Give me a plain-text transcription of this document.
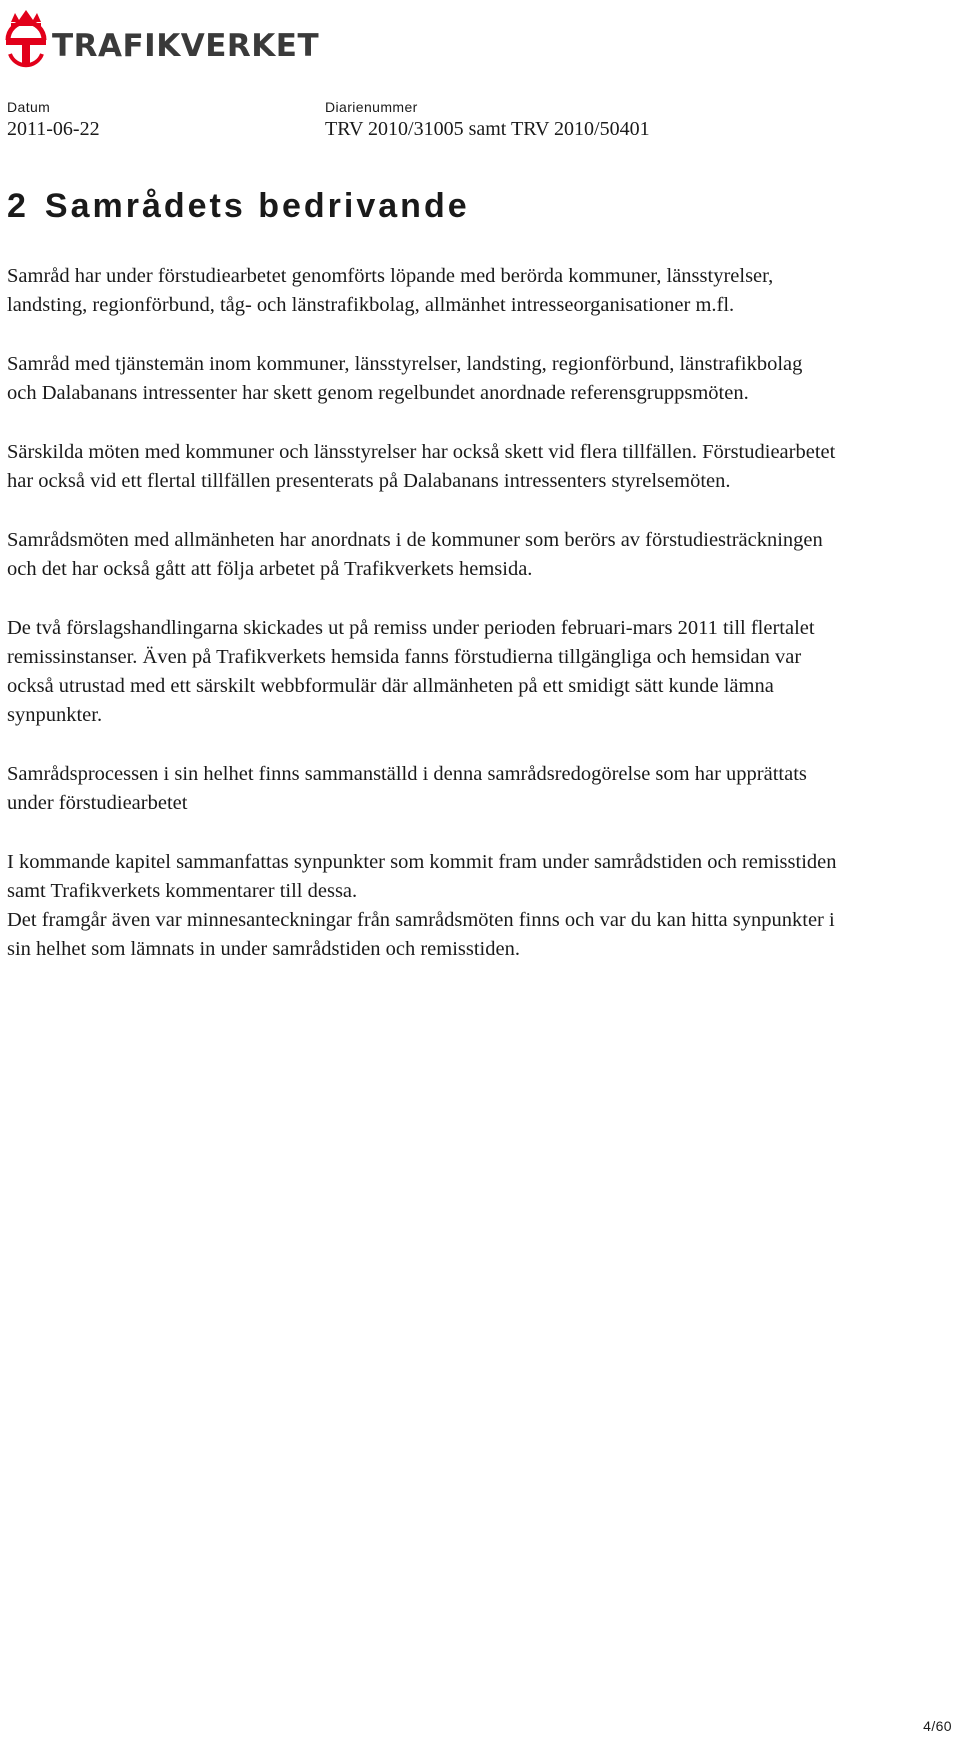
TRAFIKVERKET
Datum
2011-06-22
Diarienummer
TRV 2010/31005 samt TRV 2010/50401
2 Samrådets bedrivande

Samråd har under förstudiearbetet genomförts löpande med berörda kommuner, länsstyrelser, landsting, regionförbund, tåg- och länstrafikbolag, allmänhet intresseorganisationer m.fl.

Samråd med tjänstemän inom kommuner, länsstyrelser, landsting, regionförbund, länstrafikbolag och Dalabanans intressenter har skett genom regelbundet anordnade referensgruppsmöten.

Särskilda möten med kommuner och länsstyrelser har också skett vid flera tillfällen. Förstudiearbetet har också vid ett flertal tillfällen presenterats på Dalabanans intressenters styrelsemöten.

Samrådsmöten med allmänheten har anordnats i de kommuner som berörs av förstudiesträckningen och det har också gått att följa arbetet på Trafikverkets hemsida.

De två förslagshandlingarna skickades ut på remiss under perioden februari-mars 2011 till flertalet remissinstanser. Även på Trafikverkets hemsida fanns förstudierna tillgängliga och hemsidan var också utrustad med ett särskilt webbformulär där allmänheten på ett smidigt sätt kunde lämna synpunkter.

Samrådsprocessen i sin helhet finns sammanställd i denna samrådsredogörelse som har upprättats under förstudiearbetet

I kommande kapitel sammanfattas synpunkter som kommit fram under samrådstiden och remisstiden samt Trafikverkets kommentarer till dessa.

Det framgår även var minnesanteckningar från samrådsmöten finns och var du kan hitta synpunkter i sin helhet som lämnats in under samrådstiden och remisstiden.

4/60
